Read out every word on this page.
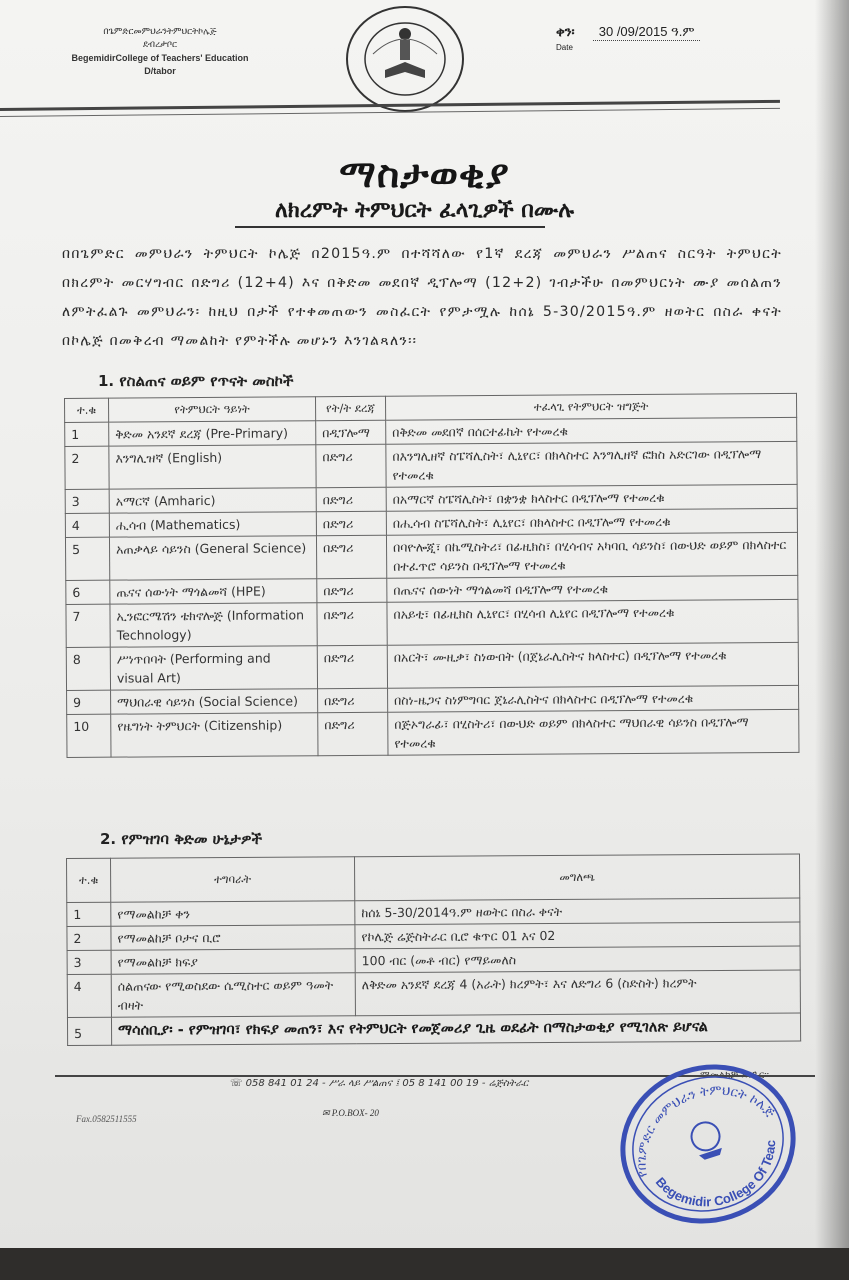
በጌምድርመምህራንትምህርትኮሌጅ
ደብረታቦር
BegemidirCollege of Teachers' Education
D/tabor
ቀን፡ 30 /09/2015 ዓ.ም
Date
ማስታወቂያ
ለክረምት ትምህርት ፈላጊዎች በሙሉ
በበጌምድር መምህራን ትምህርት ኮሌጅ በ2015ዓ.ም በተሻሻለው የ1ኛ ደረጃ መምህራን ሥልጠና ስርዓት ትምህርት በክረምት መርሃግብር በድግሪ (12+4) እና በቅድመ መደበኛ ዲፕሎማ (12+2) ገብታችሁ በመምህርነት ሙያ መሰልጠን ለምትፈልጉ መምህራን፡ ከዚህ በታች የተቀመጠውን መስፈርት የምታሟሉ ከሰኔ 5-30/2015ዓ.ም ዘወትር በስራ ቀናት በኮሌጅ በመቅረብ ማመልከት የምትችሉ መሆኑን እንገልጻለን፡፡
1. የስልጠና ወይም የጥናት መስኮች
ተ.ቁ	የትምህርት ዓይነት	የት/ት ደረጃ	ተፈላጊ የትምህርት ዝግጅት
1	ቅድመ አንደኛ ደረጃ (Pre-Primary)	በዲፕሎማ	በቅድመ መደበኛ በሰርተፊኬት የተመረቁ
2	እንግሊዝኛ (English)	በድግሪ	በእንግሊዘኛ ስፔሻሊስት፣ ሊኒየር፣ በክላስተር እንግሊዘኛ ፎክስ አድርገው በዲፕሎማ የተመረቁ
3	አማርኛ (Amharic)	በድግሪ	በአማርኛ ስፔሻሊስት፣ በቋንቋ ክላስተር በዲፕሎማ የተመረቁ
4	ሒሳብ (Mathematics)	በድግሪ	በሒሳብ ስፔሻሊስት፣ ሊኒየር፣ በክላስተር በዲፕሎማ የተመረቁ
5	አጠቃላይ ሳይንስ (General Science)	በድግሪ	በባዮሎጂ፣ በኬሚስትሪ፣ በፊዚክስ፣ በሂሳብና አካባቢ ሳይንስ፣ በውህድ ወይም በክላስተር በተፈጥሮ ሳይንስ በዲፕሎማ የተመረቁ
6	ጤናና ሰውነት ማጎልመሻ (HPE)	በድግሪ	በጤናና ሰውነት ማጎልመሻ በዲፕሎማ የተመረቁ
7	ኢንፎርሜሽን ቴክኖሎጅ (Information Technology)	በድግሪ	በአይቲ፣ በፊዚክስ ሊኒየር፣ በሂሳብ ሊኒየር በዲፕሎማ የተመረቁ
8	ሥነጥበባት (Performing and visual Art)	በድግሪ	በአርት፣ ሙዚቃ፣ ስነውበት (በጀኔራሊስትና ክላስተር) በዲፕሎማ የተመረቁ
9	ማህበራዊ ሳይንስ (Social Science)	በድግሪ	በስነ-ዜጋና ስነምግባር ጀኔራሊስትና በክላስተር በዲፕሎማ የተመረቁ
10	የዜግነት ትምህርት (Citizenship)	በድግሪ	በጅኦግራፊ፣ በሂስትሪ፣ በውህድ ወይም በክላስተር ማህበራዊ ሳይንስ በዲፕሎማ የተመረቁ
2. የምዝገባ ቅድመ ሁኔታዎች
ተ.ቁ	ተግባራት	መግለጫ
1	የማመልከቻ ቀን	ከሰኔ 5-30/2014ዓ.ም ዘወትር በስራ ቀናት
2	የማመልከቻ ቦታና ቢሮ	የኮሌጅ ሬጅስትራር ቢሮ ቁጥር 01 እና 02
3	የማመልከቻ ክፍያ	100 ብር (መቶ ብር) የማይመለስ
4	ሰልጠናው የሚወስደው ሴሚስተር ወይም ዓመት ብዛት	ለቅድመ አንደኛ ደረጃ 4 (አራት) ክረምት፣ እና ለድግሪ 6 (ስድስት) ክረምት
5	ማሳሰቢያ፡ - የምዝገባ፣ የክፍያ መጠን፣ እና የትምህርት የመጀመሪያ ጊዜ ወደፊት በማስታወቂያ የሚገለጽ ይሆናል	
☏ 058 841 01 24 - ሥራ ላይ ሥልጠና ፤ 05 8 141 00 19 - ሬጅስትራር
ማመልከቻ እንጉር፡፡
Fax.0582511555
✉ P.O.BOX- 20
የበጌምድር መምህራን ትምህርት ኮሌጅ
Begemidir College Of Teacher
